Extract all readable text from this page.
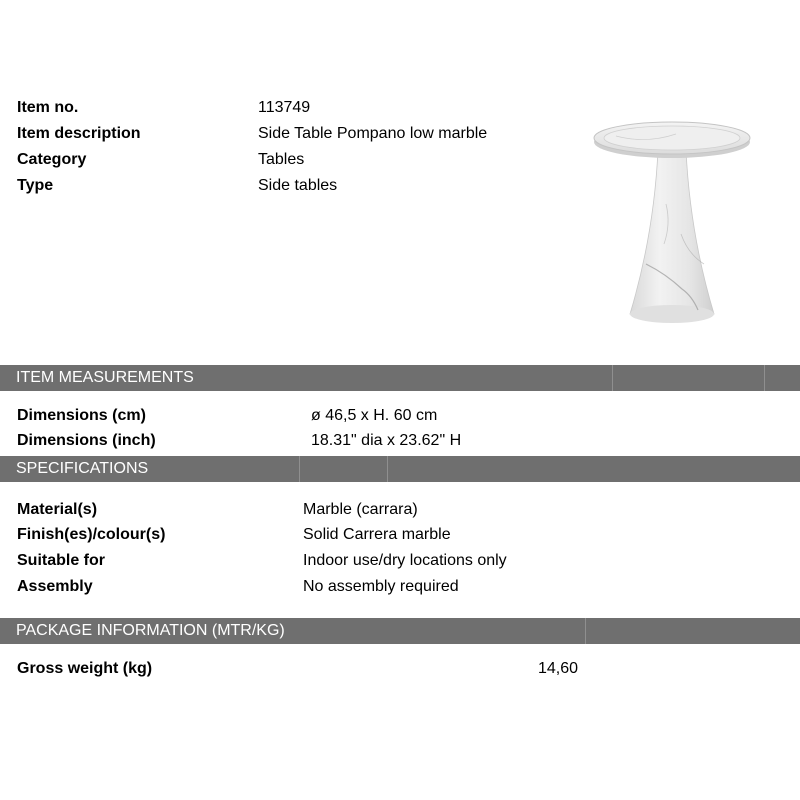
Item no.	113749
Item description	Side Table Pompano low marble
Category	Tables
Type	Side tables
ITEM MEASUREMENTS
Dimensions (cm)	ø 46,5 x H. 60 cm
Dimensions (inch)	18.31" dia x 23.62" H
SPECIFICATIONS
Material(s)	Marble (carrara)
Finish(es)/colour(s)	Solid Carrera marble
Suitable for	Indoor use/dry locations only
Assembly	No assembly required
PACKAGE INFORMATION (MTR/KG)
Gross weight (kg)	14,60
